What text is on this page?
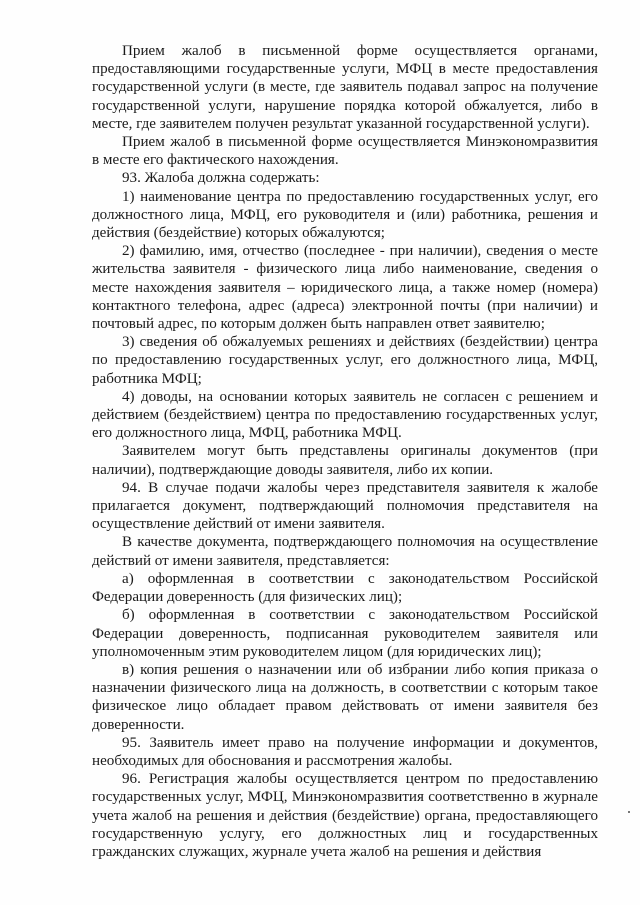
Прием жалоб в письменной форме осуществляется органами, предоставляющими государственные услуги, МФЦ в месте предоставления государственной услуги (в месте, где заявитель подавал запрос на получение государственной услуги, нарушение порядка которой обжалуется, либо в месте, где заявителем получен результат указанной государственной услуги).

Прием жалоб в письменной форме осуществляется Минэкономразвития в месте его фактического нахождения.

93. Жалоба должна содержать:

1) наименование центра по предоставлению государственных услуг, его должностного лица, МФЦ, его руководителя и (или) работника, решения и действия (бездействие) которых обжалуются;

2) фамилию, имя, отчество (последнее - при наличии), сведения о месте жительства заявителя - физического лица либо наименование, сведения о месте нахождения заявителя – юридического лица, а также номер (номера) контактного телефона, адрес (адреса) электронной почты (при наличии) и почтовый адрес, по которым должен быть направлен ответ заявителю;

3) сведения об обжалуемых решениях и действиях (бездействии) центра по предоставлению государственных услуг, его должностного лица, МФЦ, работника МФЦ;

4) доводы, на основании которых заявитель не согласен с решением и действием (бездействием) центра по предоставлению государственных услуг, его должностного лица, МФЦ, работника МФЦ.

Заявителем могут быть представлены оригиналы документов (при наличии), подтверждающие доводы заявителя, либо их копии.

94. В случае подачи жалобы через представителя заявителя к жалобе прилагается документ, подтверждающий полномочия представителя на осуществление действий от имени заявителя.

В качестве документа, подтверждающего полномочия на осуществление действий от имени заявителя, представляется:

а) оформленная в соответствии с законодательством Российской Федерации доверенность (для физических лиц);

б) оформленная в соответствии с законодательством Российской Федерации доверенность, подписанная руководителем заявителя или уполномоченным этим руководителем лицом (для юридических лиц);

в) копия решения о назначении или об избрании либо копия приказа о назначении физического лица на должность, в соответствии с которым такое физическое лицо обладает правом действовать от имени заявителя без доверенности.

95. Заявитель имеет право на получение информации и документов, необходимых для обоснования и рассмотрения жалобы.

96. Регистрация жалобы осуществляется центром по предоставлению государственных услуг, МФЦ, Минэкономразвития соответственно в журнале учета жалоб на решения и действия (бездействие) органа, предоставляющего государственную услугу, его должностных лиц и государственных гражданских служащих, журнале учета жалоб на решения и действия
